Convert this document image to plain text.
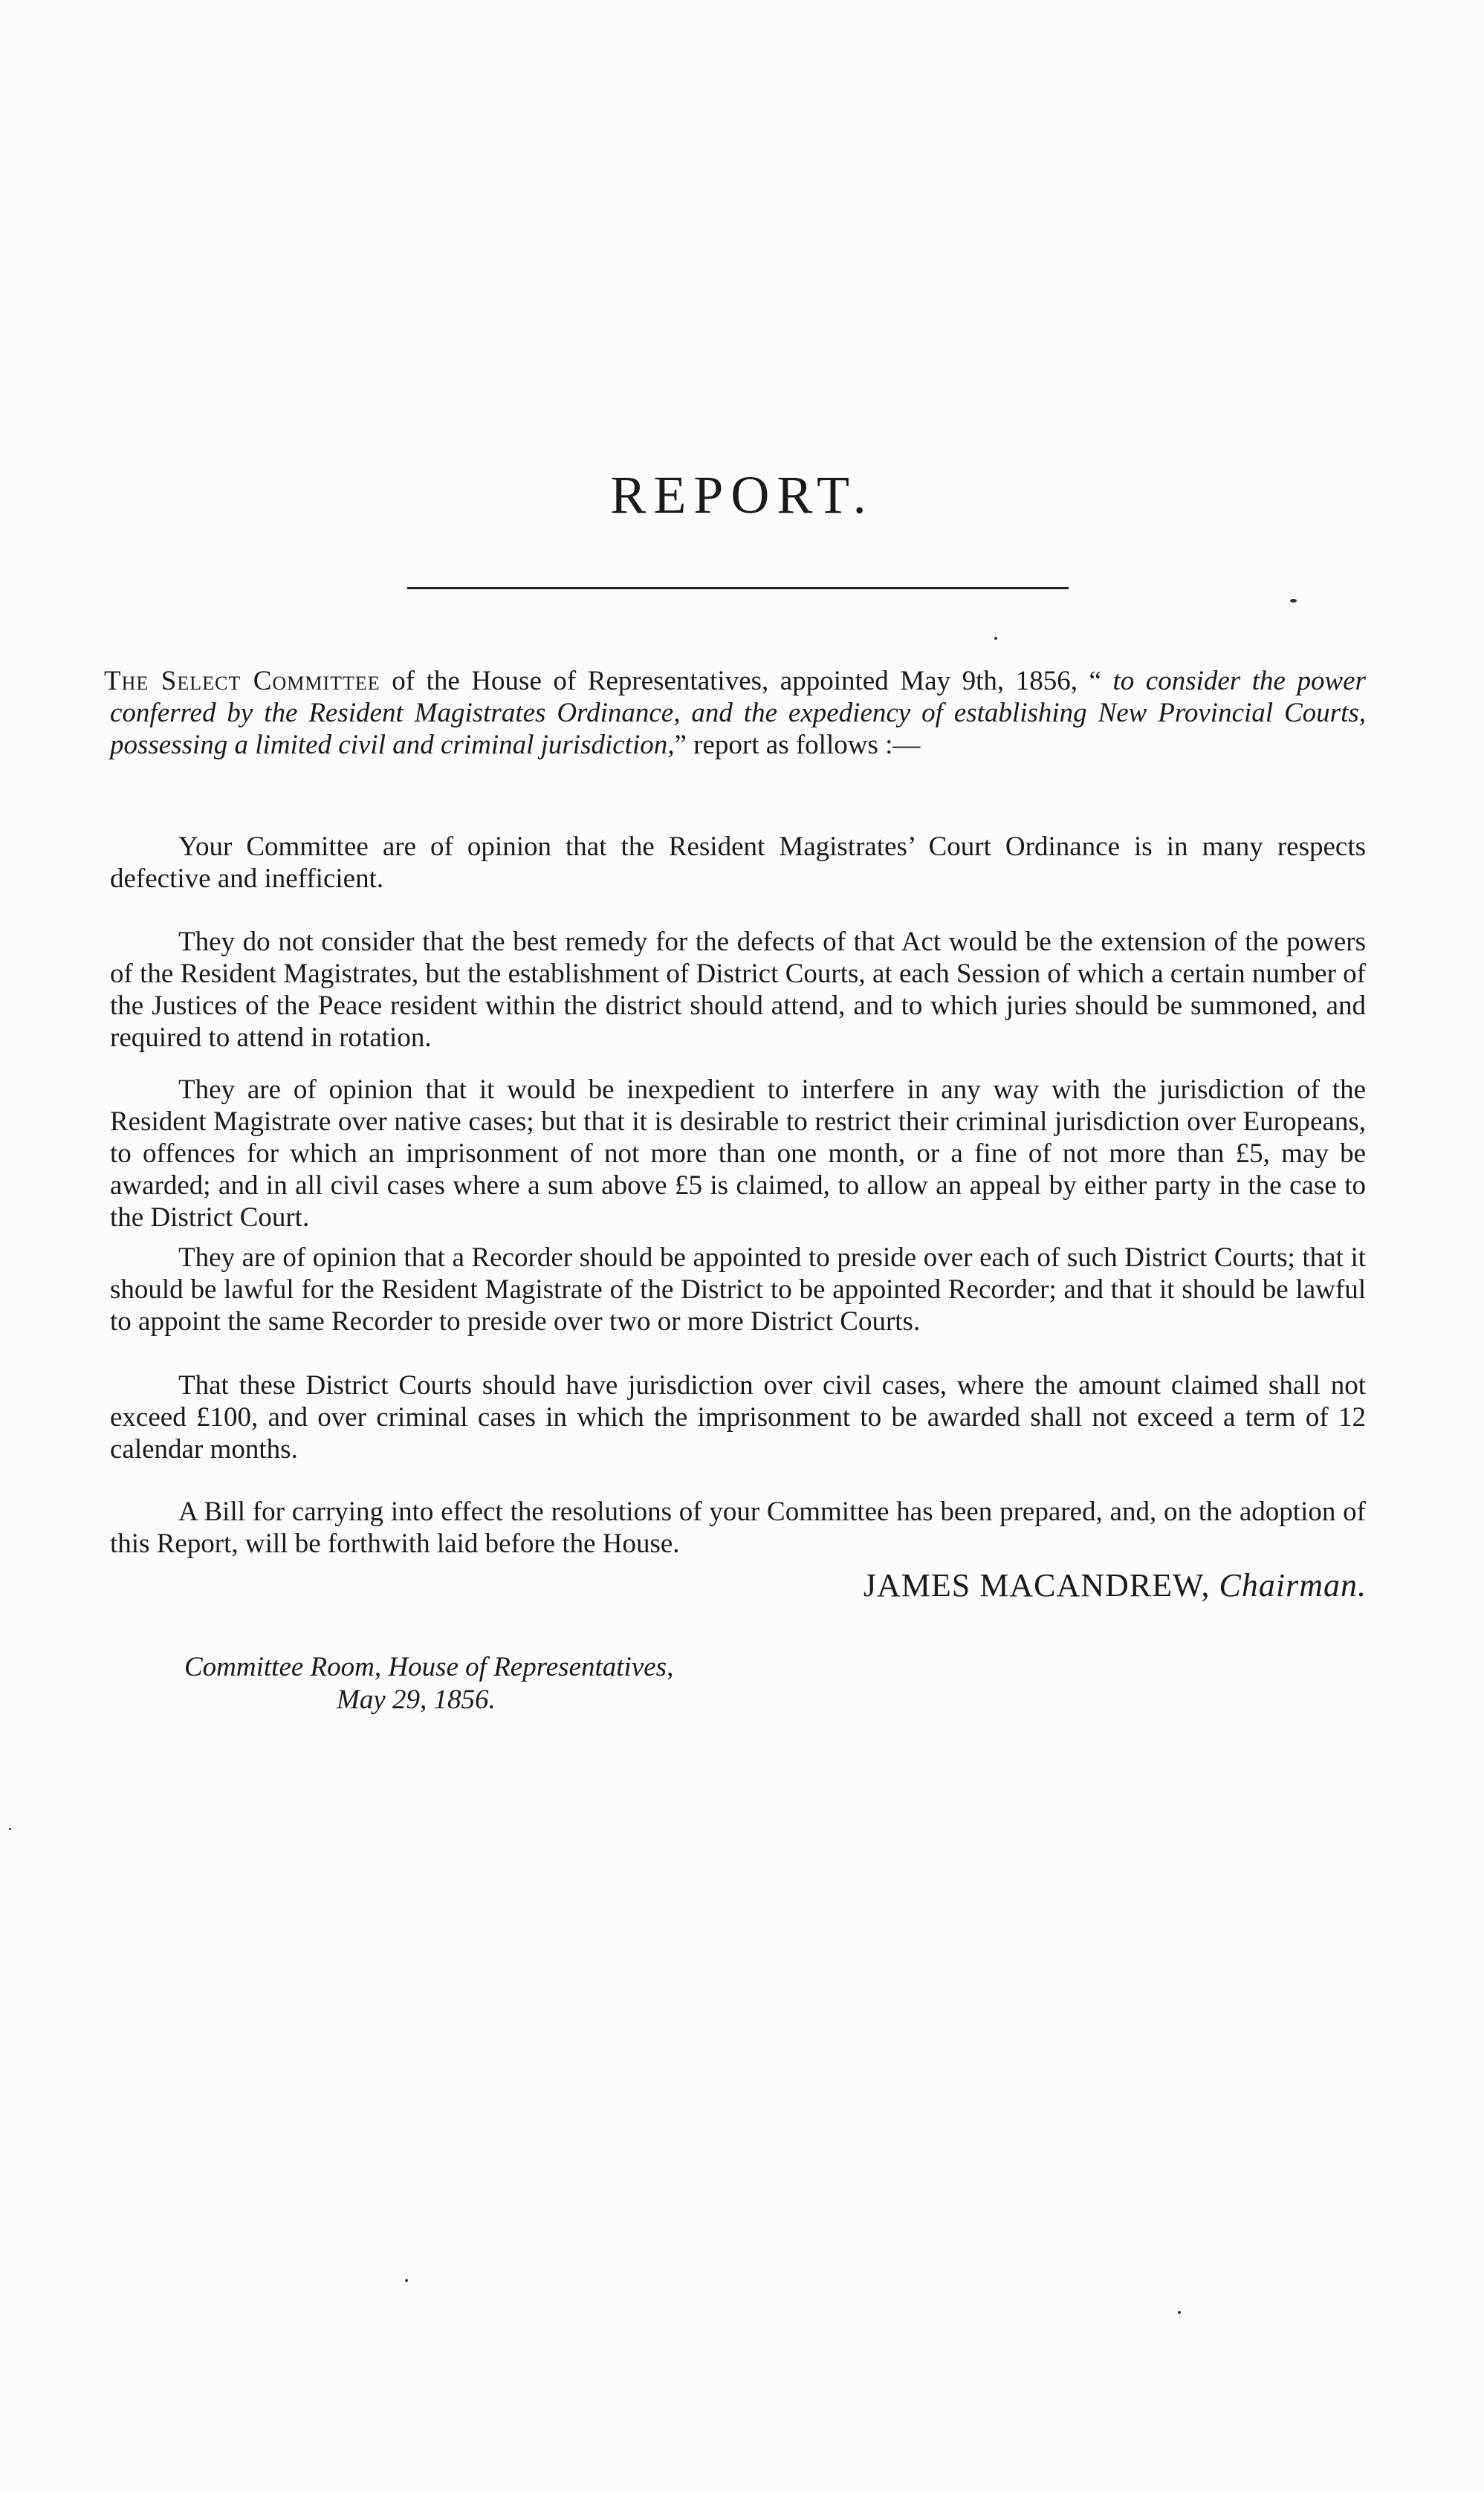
REPORT.
The Select Committee of the House of Representatives, appointed May 9th, 1856, “ to consider the power conferred by the Resident Magistrates Ordinance, and the expediency of establishing New Provincial Courts, possessing a limited civil and criminal jurisdiction,” report as follows :—

Your Committee are of opinion that the Resident Magistrates’ Court Ordinance is in many respects defective and inefficient.

They do not consider that the best remedy for the defects of that Act would be the extension of the powers of the Resident Magistrates, but the establishment of District Courts, at each Session of which a certain number of the Justices of the Peace resident within the district should attend, and to which juries should be summoned, and required to attend in rotation.

They are of opinion that it would be inexpedient to interfere in any way with the jurisdiction of the Resident Magistrate over native cases; but that it is desirable to restrict their criminal jurisdiction over Europeans, to offences for which an imprisonment of not more than one month, or a fine of not more than £5, may be awarded; and in all civil cases where a sum above £5 is claimed, to allow an appeal by either party in the case to the District Court.

They are of opinion that a Recorder should be appointed to preside over each of such District Courts; that it should be lawful for the Resident Magistrate of the District to be appointed Recorder; and that it should be lawful to appoint the same Recorder to preside over two or more District Courts.

That these District Courts should have jurisdiction over civil cases, where the amount claimed shall not exceed £100, and over criminal cases in which the imprisonment to be awarded shall not exceed a term of 12 calendar months.

A Bill for carrying into effect the resolutions of your Committee has been prepared, and, on the adoption of this Report, will be forthwith laid before the House.

JAMES MACANDREW, Chairman.
Committee Room, House of Representatives,
May 29, 1856.
